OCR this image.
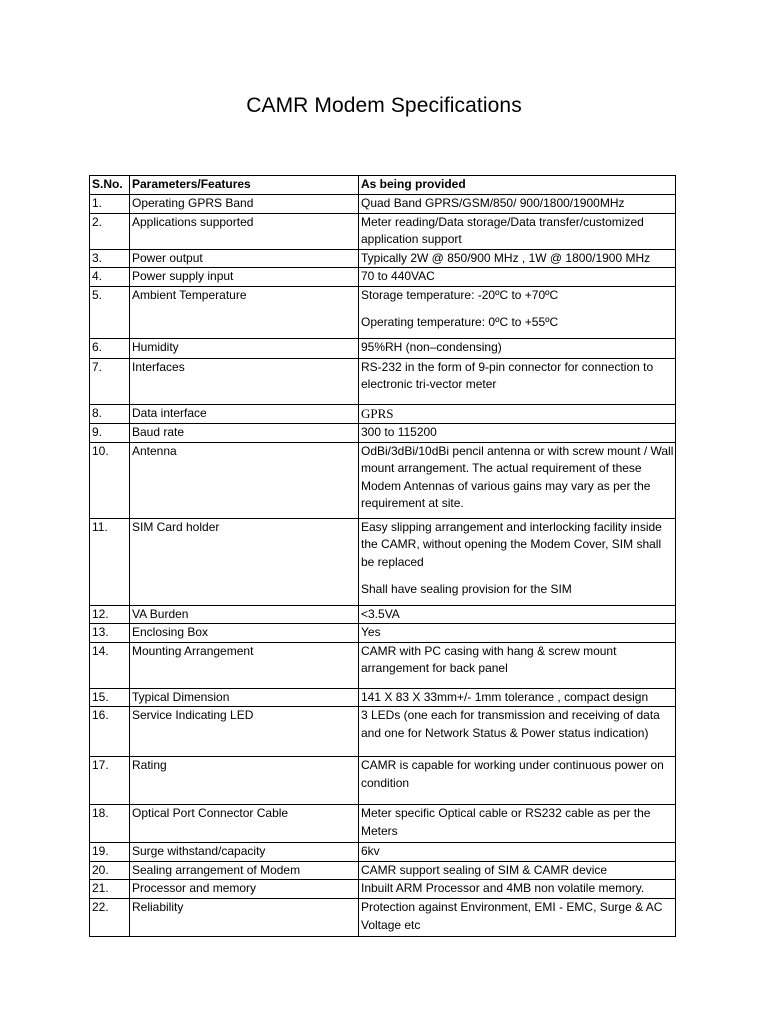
CAMR Modem Specifications
S.No.	Parameters/Features	As being provided
1.	Operating GPRS Band	Quad Band GPRS/GSM/850/ 900/1800/1900MHz
2.	Applications supported	Meter reading/Data storage/Data transfer/customized application support
3.	Power output	Typically 2W @ 850/900 MHz , 1W @ 1800/1900 MHz
4.	Power supply input	70 to 440VAC
5.	Ambient Temperature	Storage temperature: -20ºC to +70ºC
Operating temperature: 0ºC to +55ºC

6.	Humidity	95%RH (non–condensing)
7.	Interfaces	RS-232 in the form of 9-pin connector for connection to electronic tri-vector meter
8.	Data interface	GPRS
9.	Baud rate	300 to 115200
10.	Antenna	OdBi/3dBi/10dBi pencil antenna or with screw mount / Wall mount arrangement. The actual requirement of these Modem Antennas of various gains may vary as per the requirement at site.
11.	SIM Card holder	Easy slipping arrangement and interlocking facility inside the CAMR, without opening the Modem Cover, SIM shall be replaced
Shall have sealing provision for the SIM

12.	VA Burden	<3.5VA
13.	Enclosing Box	Yes
14.	Mounting Arrangement	CAMR with PC casing with hang & screw mount arrangement for back panel
15.	Typical Dimension	141 X 83 X 33mm+/- 1mm tolerance , compact design
16.	Service Indicating LED	3 LEDs (one each for transmission and receiving of data and one for Network Status & Power status indication)
17.	Rating	CAMR is capable for working under continuous power on condition
18.	Optical Port Connector Cable	Meter specific Optical cable or RS232 cable as per the Meters
19.	Surge withstand/capacity	6kv
20.	Sealing arrangement of Modem	CAMR support sealing of SIM & CAMR device
21.	Processor and memory	Inbuilt ARM Processor and 4MB non volatile memory.
22.	Reliability	Protection against Environment, EMI - EMC, Surge & AC Voltage etc
